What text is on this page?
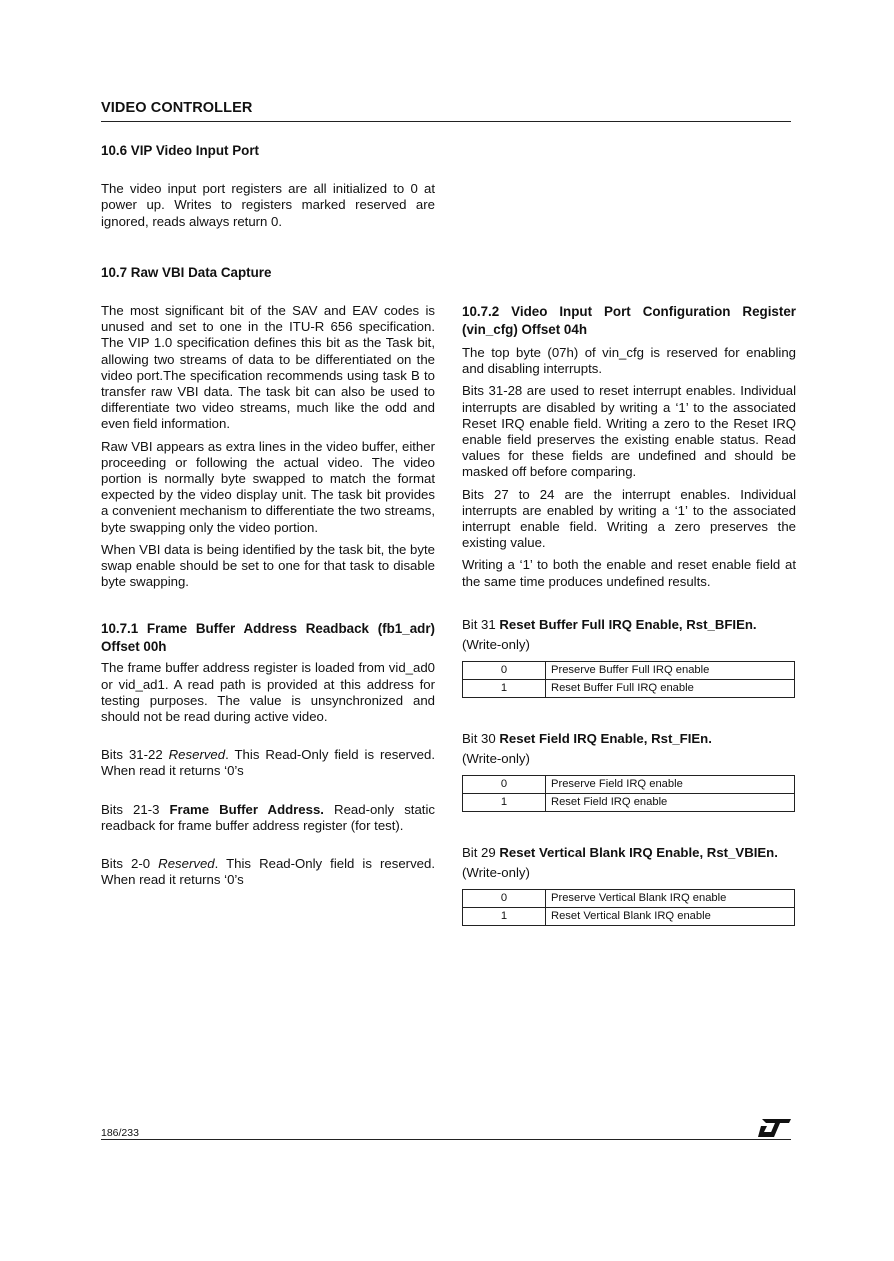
VIDEO CONTROLLER
10.6 VIP Video Input Port

The video input port registers are all initialized to 0 at power up. Writes to registers marked reserved are ignored, reads always return 0.

10.7 Raw VBI Data Capture

The most significant bit of the SAV and EAV codes is unused and set to one in the ITU-R 656 specification. The VIP 1.0 specification defines this bit as the Task bit, allowing two streams of data to be differentiated on the video port.The specification recommends using task B to transfer raw VBI data. The task bit can also be used to differentiate two video streams, much like the odd and even field information.

Raw VBI appears as extra lines in the video buffer, either proceeding or following the actual video. The video portion is normally byte swapped to match the format expected by the video display unit. The task bit provides a convenient mechanism to differentiate the two streams, byte swapping only the video portion.

When VBI data is being identified by the task bit, the byte swap enable should be set to one for that task to disable byte swapping.

10.7.1 Frame Buffer Address Readback (fb1_adr) Offset 00h

The frame buffer address register is loaded from vid_ad0 or vid_ad1. A read path is provided at this address for testing purposes. The value is unsynchronized and should not be read during active video.

Bits 31-22 Reserved. This Read-Only field is reserved. When read it returns ‘0’s

Bits 21-3 Frame Buffer Address. Read-only static readback for frame buffer address register (for test).

Bits 2-0 Reserved. This Read-Only field is reserved. When read it returns ‘0’s

10.7.2 Video Input Port Configuration Register (vin_cfg) Offset 04h

The top byte (07h) of vin_cfg is reserved for enabling and disabling interrupts.

Bits 31-28 are used to reset interrupt enables. Individual interrupts are disabled by writing a ‘1’ to the associated Reset IRQ enable field. Writing a zero to the Reset IRQ enable field preserves the existing enable status. Read values for these fields are undefined and should be masked off before comparing.

Bits 27 to 24 are the interrupt enables. Individual interrupts are enabled by writing a ‘1’ to the associated interrupt enable field. Writing a zero preserves the existing value.

Writing a ‘1’ to both the enable and reset enable field at the same time produces undefined results.

Bit 31 Reset Buffer Full IRQ Enable, Rst_BFIEn.
(Write-only)
0	Preserve Buffer Full IRQ enable
1	Reset Buffer Full IRQ enable
Bit 30 Reset Field IRQ Enable, Rst_FIEn.
(Write-only)
0	Preserve Field IRQ enable
1	Reset Field IRQ enable
Bit 29 Reset Vertical Blank IRQ Enable, Rst_VBIEn.
(Write-only)
0	Preserve Vertical Blank IRQ enable
1	Reset Vertical Blank IRQ enable
186/233
